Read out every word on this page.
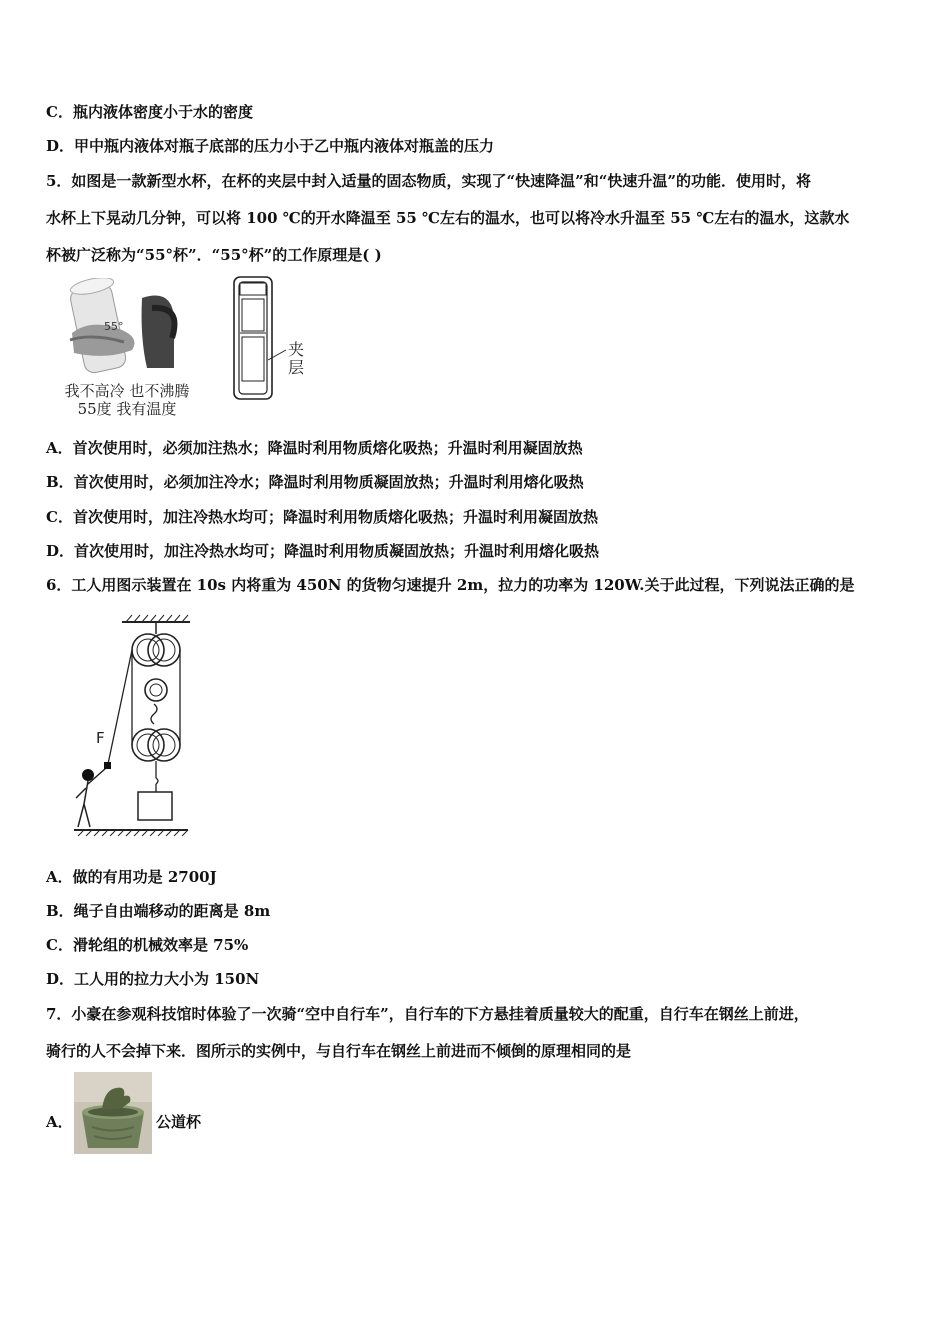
C．瓶内液体密度小于水的密度
D．甲中瓶内液体对瓶子底部的压力小于乙中瓶内液体对瓶盖的压力
5．如图是一款新型水杯，在杯的夹层中封入适量的固态物质，实现了“快速降温”和“快速升温”的功能．使用时，将
水杯上下晃动几分钟，可以将 100 ℃的开水降温至 55 ℃左右的温水，也可以将冷水升温至 55 ℃左右的温水，这款水
杯被广泛称为“55°杯”．“55°杯”的工作原理是( )
55°
我不高冷 也不沸腾
55度 我有温度
夹
层
A．首次使用时，必须加注热水；降温时利用物质熔化吸热；升温时利用凝固放热
B．首次使用时，必须加注冷水；降温时利用物质凝固放热；升温时利用熔化吸热
C．首次使用时，加注冷热水均可；降温时利用物质熔化吸热；升温时利用凝固放热
D．首次使用时，加注冷热水均可；降温时利用物质凝固放热；升温时利用熔化吸热
6．工人用图示装置在 10s 内将重为 450N 的货物匀速提升 2m，拉力的功率为 120W.关于此过程，下列说法正确的是
F
A．做的有用功是 2700J
B．绳子自由端移动的距离是 8m
C．滑轮组的机械效率是 75%
D．工人用的拉力大小为 150N
7．小豪在参观科技馆时体验了一次骑“空中自行车”，自行车的下方悬挂着质量较大的配重，自行车在钢丝上前进，
骑行的人不会掉下来．图所示的实例中，与自行车在钢丝上前进而不倾倒的原理相同的是
A．	公道杯
